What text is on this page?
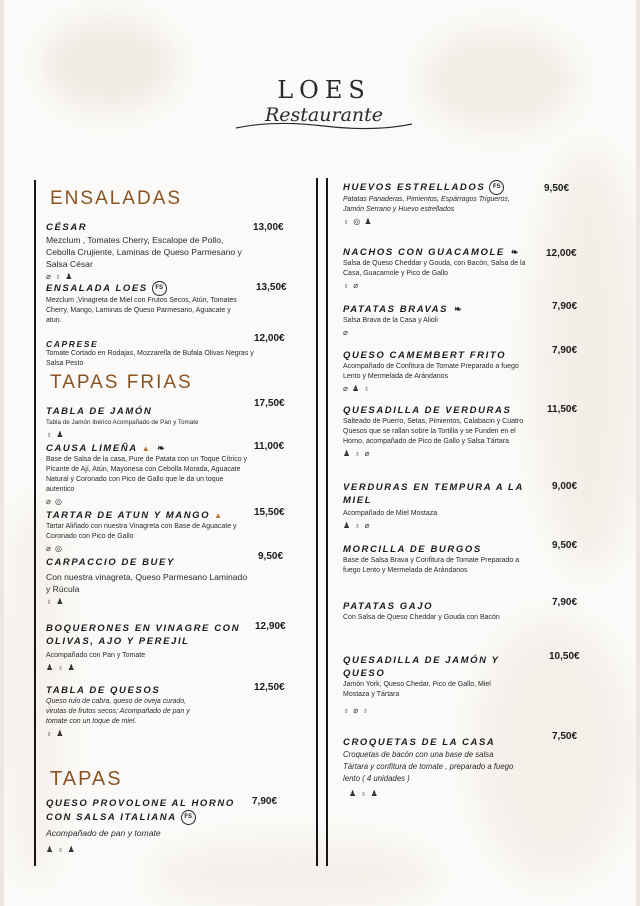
LOES
Restaurante
ENSALADAS
CÉSAR
Mezclum , Tomates Cherry, Escalope de Pollo, Cebolla Crujiente, Laminas de Queso Parmesano y Salsa César
⌀ ♁ ♟
13,00€
ENSALADA LOES FS
Mezclum ,Vinagreta de Miel con Frutos Secos, Atún, Tomates Cherry, Mango, Laminas de Queso Parmesano, Aguacate y atun.
13,50€
CAPRESE
Tomate Cortado en Rodajas, Mozzarella de Bufala Olivas Negras y Salsa Pesto
12,00€
TAPAS FRIAS
TABLA DE JAMÓN
Tabla de Jamón Ibérico Acompañado de Pan y Tomate
♁ ♟
17,50€
CAUSA LIMEÑA ▲ ❧
Base de Salsa de la casa, Pure de Patata con un Toque Cítrico y Picante de Ají, Atún, Mayonesa con Cebolla Morada, Aguacate Natural y Coronado con Pico de Gallo que le da un toque autentico
⌀ ◎
11,00€
TARTAR DE ATUN Y MANGO ▲
Tartar Aliñado con nuestra Vinagreta con Base de Aguacate y Coronado con Pico de Gallo
⌀ ◎
15,50€
CARPACCIO DE BUEY
Con nuestra vinagreta, Queso Parmesano Laminado y Rúcula
♁ ♟
9,50€
BOQUERONES EN VINAGRE CON OLIVAS, AJO Y PEREJIL
Acompañado con Pan y Tomate
♟ ♁ ♟
12,90€
TABLA DE QUESOS
Queso rulo de cabra, queso de oveja curado, virutas de frutos secos; Acompañado de pan y tomate con un toque de miel.
♁ ♟
12,50€
TAPAS
QUESO PROVOLONE AL HORNO CON SALSA ITALIANA FS
Acompañado de pan y tomate
♟ ♁ ♟
7,90€
HUEVOS ESTRELLADOS FS
Patatas Panaderas, Pimientos, Espárragos Trigueros, Jamón Serrano y Huevo estrellados
♁ ◎ ♟
9,50€
NACHOS CON GUACAMOLE ❧
Salsa de Queso Cheddar y Gouda, con Bacón, Salsa de la Casa, Guacamole y Pico de Gallo
♁ ⌀
12,00€
PATATAS BRAVAS ❧
Salsa Brava de la Casa y Alioli
⌀
7,90€
QUESO CAMEMBERT FRITO
Acompañado de Confitura de Tomate Preparado a fuego Lento y Mermelada de Arándanos
⌀ ♟ ♁
7,90€
QUESADILLA DE VERDURAS
Salteado de Puerro, Setas, Pimientos, Calabacin y Cuatro Quesos que se rallan sobre la Tortilla y se Funden en el Horno, acompañado de Pico de Gallo y Salsa Tártara
♟ ♁ ⌀
11,50€
VERDURAS EN TEMPURA A LA MIEL
Acompañado de Miel Mostaza
♟ ♁ ⌀
9,00€
MORCILLA DE BURGOS
Base de Salsa Brava y Confitura de Tomate Preparado a fuego Lento y Mermelada de Arándanos
9,50€
PATATAS GAJO
Con Salsa de Queso Cheddar y Gouda con Bacón
7,90€
QUESADILLA DE JAMÓN Y QUESO
Jamón York, Queso Chedar, Pico de Gallo, Miel Mostaza y Tártara
♁ ⌀ ♁
10,50€
CROQUETAS DE LA CASA
Croquetas de bacón con una base de salsa Tártara y confitura de tomate , preparado a fuego lento ( 4 unidades )
♟ ♁ ♟
7,50€
